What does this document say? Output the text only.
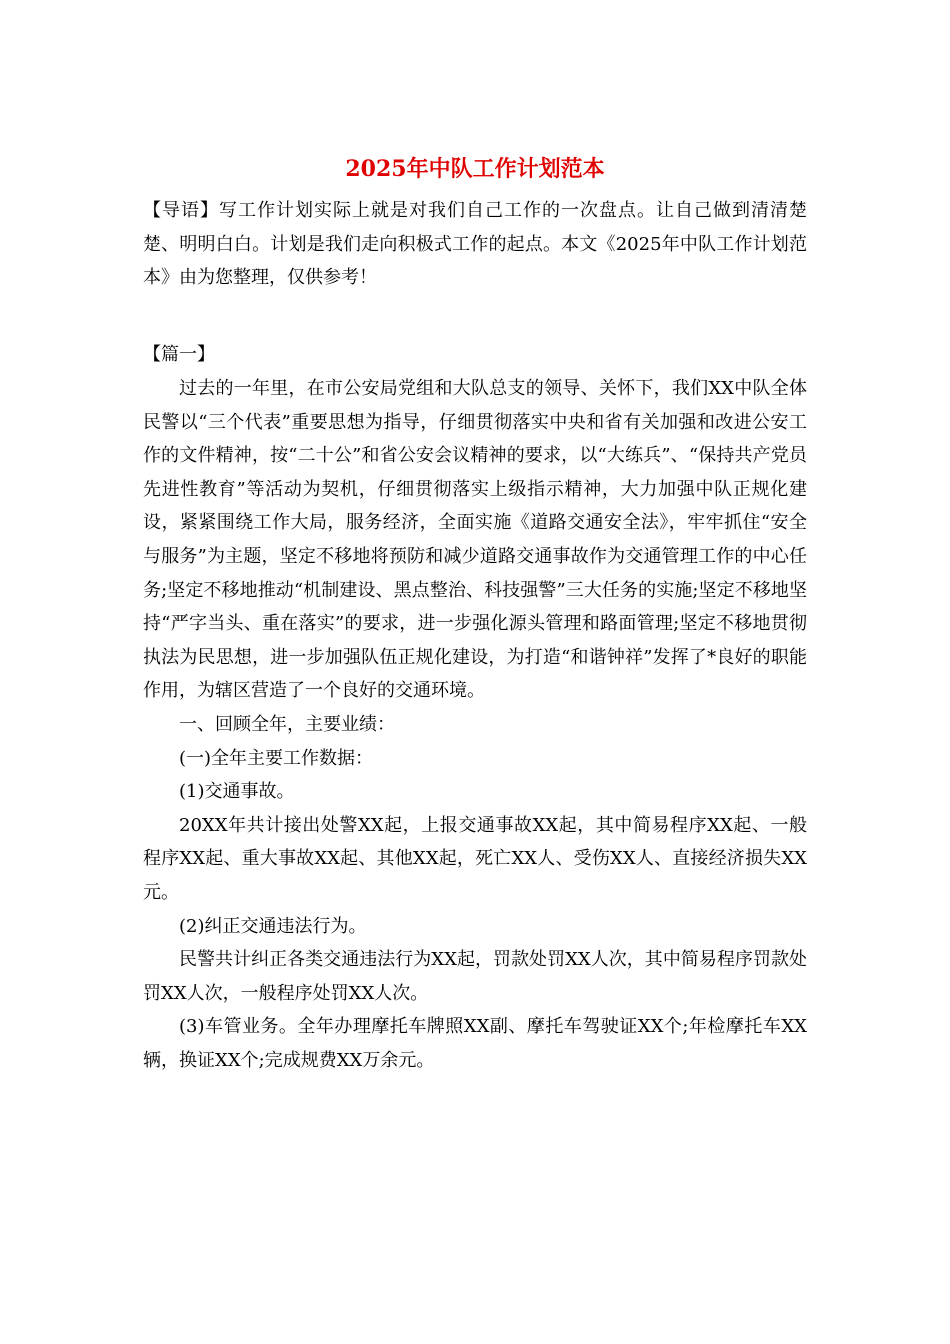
2025年中队工作计划范本
【导语】写工作计划实际上就是对我们自己工作的一次盘点。让自己做到清清楚楚、明明白白。计划是我们走向积极式工作的起点。本文《2025年中队工作计划范本》由为您整理，仅供参考！
【篇一】

过去的一年里，在市公安局党组和大队总支的领导、关怀下，我们XX中队全体民警以“三个代表”重要思想为指导，仔细贯彻落实中央和省有关加强和改进公安工作的文件精神，按“二十公”和省公安会议精神的要求，以“大练兵”、“保持共产党员先进性教育”等活动为契机，仔细贯彻落实上级指示精神，大力加强中队正规化建设，紧紧围绕工作大局，服务经济，全面实施《道路交通安全法》，牢牢抓住“安全与服务”为主题，坚定不移地将预防和减少道路交通事故作为交通管理工作的中心任务;坚定不移地推动“机制建设、黑点整治、科技强警”三大任务的实施;坚定不移地坚持“严字当头、重在落实”的要求，进一步强化源头管理和路面管理;坚定不移地贯彻执法为民思想，进一步加强队伍正规化建设，为打造“和谐钟祥”发挥了*良好的职能作用，为辖区营造了一个良好的交通环境。

一、回顾全年，主要业绩：

(一)全年主要工作数据：

(1)交通事故。

20XX年共计接出处警XX起，上报交通事故XX起，其中简易程序XX起、一般程序XX起、重大事故XX起、其他XX起，死亡XX人、受伤XX人、直接经济损失XX元。

(2)纠正交通违法行为。

民警共计纠正各类交通违法行为XX起，罚款处罚XX人次，其中简易程序罚款处罚XX人次，一般程序处罚XX人次。

(3)车管业务。全年办理摩托车牌照XX副、摩托车驾驶证XX个;年检摩托车XX辆，换证XX个;完成规费XX万余元。
